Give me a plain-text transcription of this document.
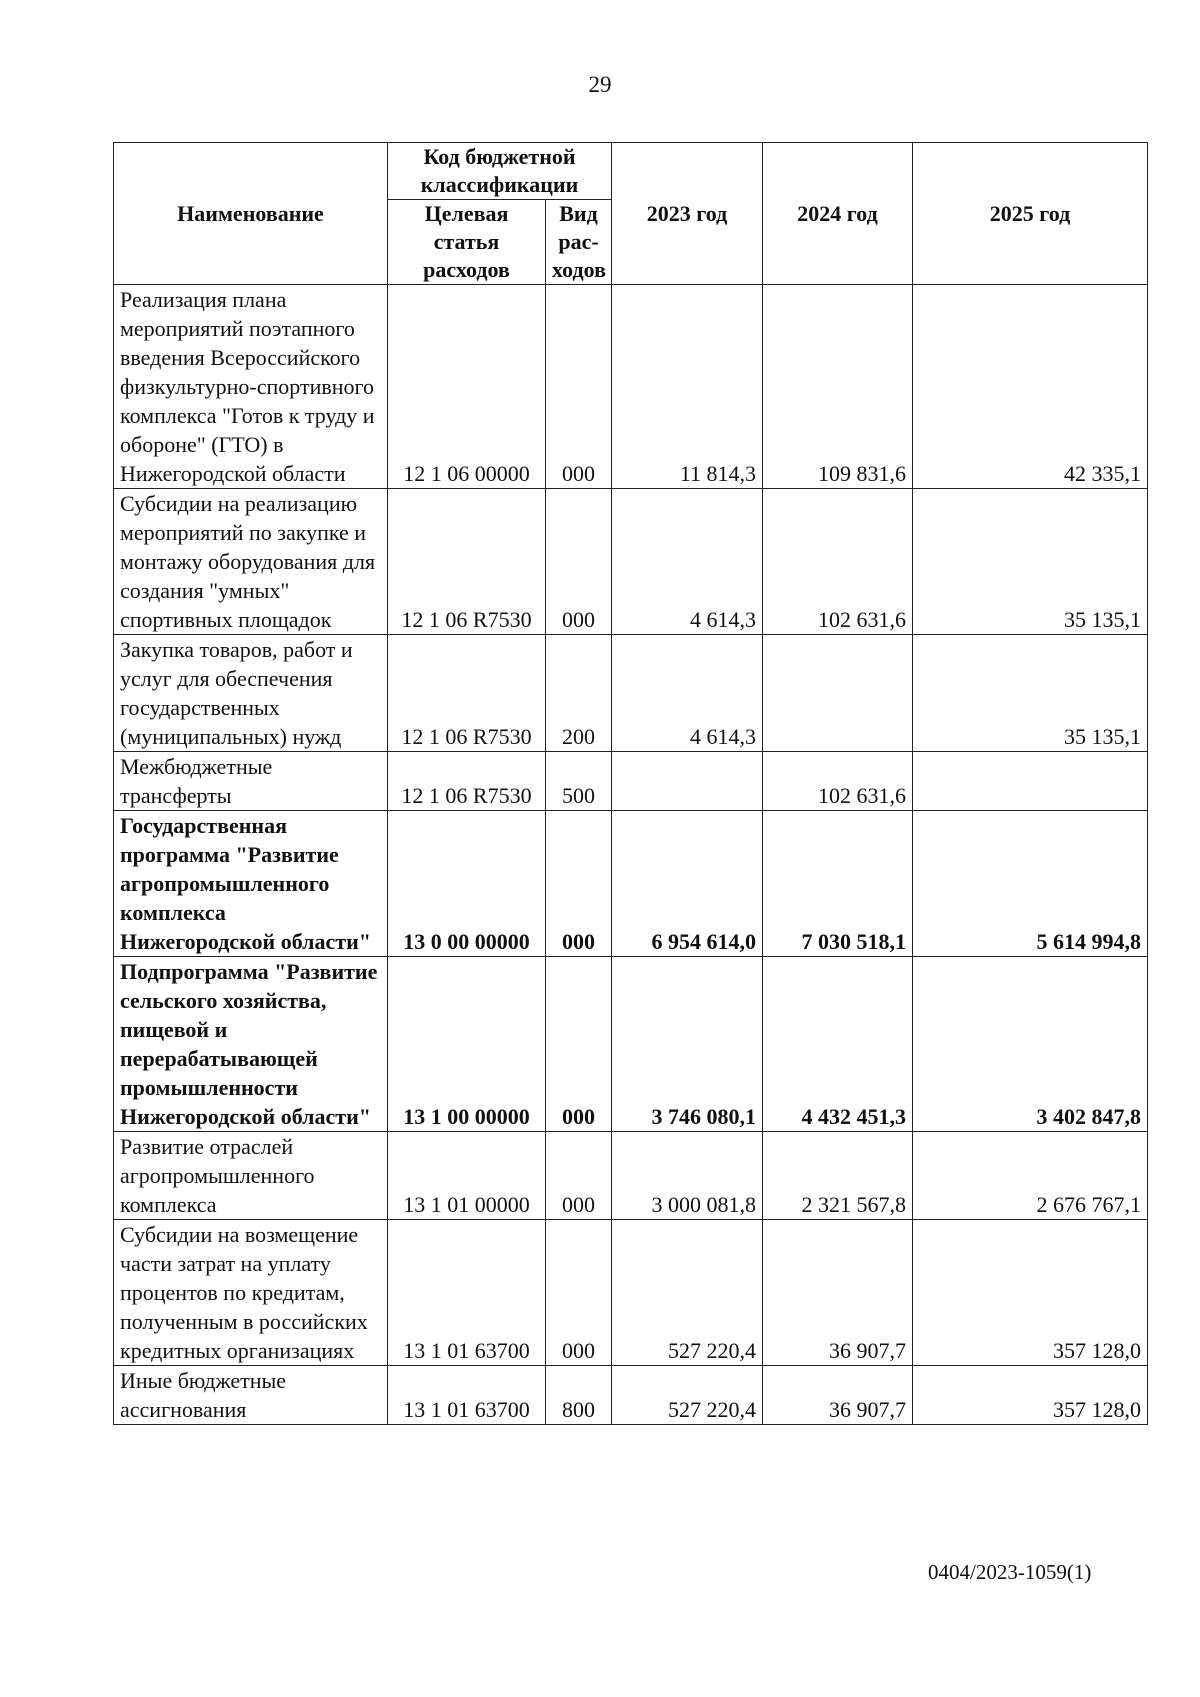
29
Наименование	Код бюджетной классификации		2023 год	2024 год	2025 год
	Целевая статья расходов	Вид рас-ходов			
Реализация плана мероприятий поэтапного введения Всероссийского физкультурно-спортивного комплекса "Готов к труду и обороне" (ГТО) в Нижегородской области	12 1 06 00000	000	11 814,3	109 831,6	42 335,1
Субсидии на реализацию мероприятий по закупке и монтажу оборудования для создания "умных" спортивных площадок	12 1 06 R7530	000	4 614,3	102 631,6	35 135,1
Закупка товаров, работ и услуг для обеспечения государственных (муниципальных) нужд	12 1 06 R7530	200	4 614,3		35 135,1
Межбюджетные трансферты	12 1 06 R7530	500		102 631,6	
Государственная программа "Развитие агропромышленного комплекса Нижегородской области"	13 0 00 00000	000	6 954 614,0	7 030 518,1	5 614 994,8
Подпрограмма "Развитие сельского хозяйства, пищевой и перерабатывающей промышленности Нижегородской области"	13 1 00 00000	000	3 746 080,1	4 432 451,3	3 402 847,8
Развитие отраслей агропромышленного комплекса	13 1 01 00000	000	3 000 081,8	2 321 567,8	2 676 767,1
Субсидии на возмещение части затрат на уплату процентов по кредитам, полученным в российских кредитных организациях	13 1 01 63700	000	527 220,4	36 907,7	357 128,0
Иные бюджетные ассигнования	13 1 01 63700	800	527 220,4	36 907,7	357 128,0
0404/2023-1059(1)
